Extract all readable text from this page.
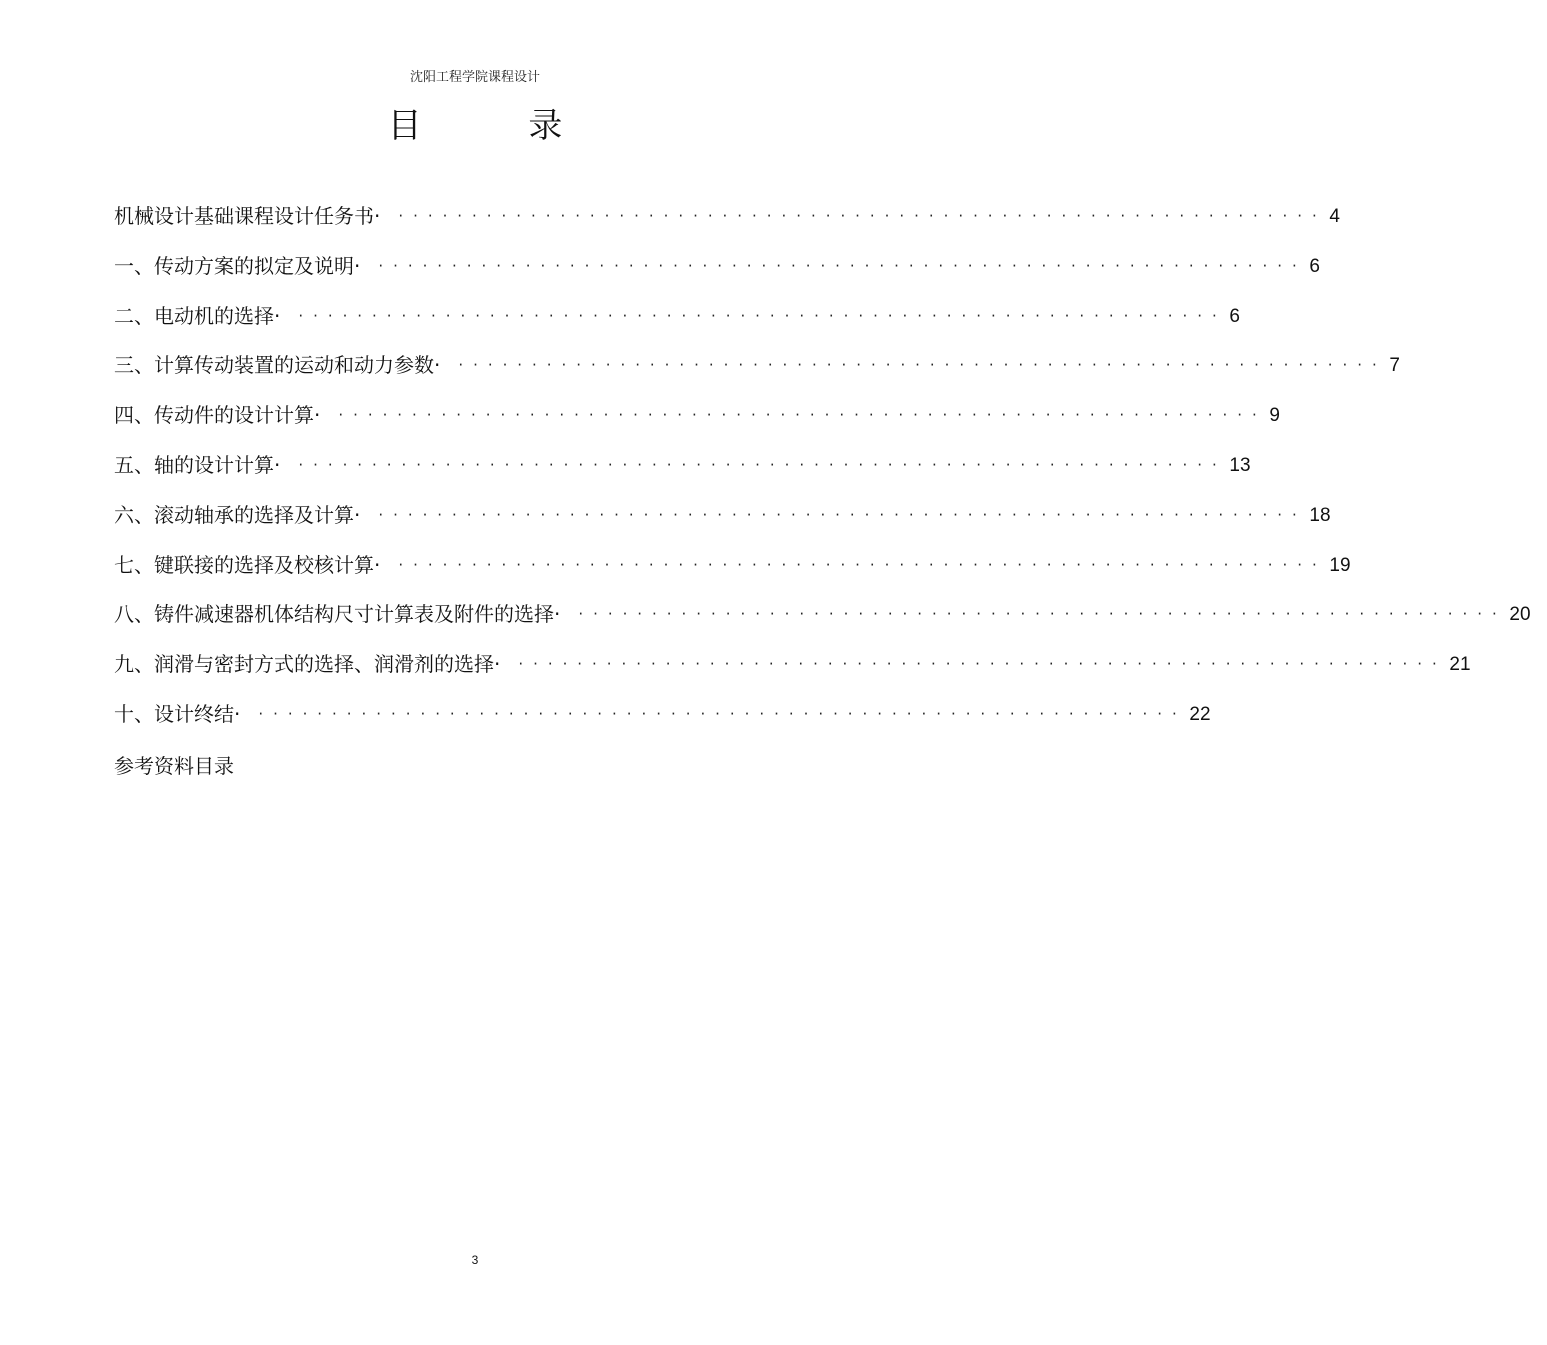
沈阳工程学院课程设计
目 录
机械设计基础课程设计任务书·	· · · · · · · · · · · · · · · · · · · · · · · · · · · · · · · · · · · · · · · · · · · · · · · · · · · · · · · · · · · · · · · 4
一、传动方案的拟定及说明·	· · · · · · · · · · · · · · · · · · · · · · · · · · · · · · · · · · · · · · · · · · · · · · · · · · · · · · · · · · · · · · · 6
二、电动机的选择·	· · · · · · · · · · · · · · · · · · · · · · · · · · · · · · · · · · · · · · · · · · · · · · · · · · · · · · · · · · · · · · · 6
三、计算传动装置的运动和动力参数·	· · · · · · · · · · · · · · · · · · · · · · · · · · · · · · · · · · · · · · · · · · · · · · · · · · · · · · · · · · · · · · · 7
四、传动件的设计计算·	· · · · · · · · · · · · · · · · · · · · · · · · · · · · · · · · · · · · · · · · · · · · · · · · · · · · · · · · · · · · · · · 9
五、轴的设计计算·	· · · · · · · · · · · · · · · · · · · · · · · · · · · · · · · · · · · · · · · · · · · · · · · · · · · · · · · · · · · · · · · 13
六、滚动轴承的选择及计算·	· · · · · · · · · · · · · · · · · · · · · · · · · · · · · · · · · · · · · · · · · · · · · · · · · · · · · · · · · · · · · · · 18
七、键联接的选择及校核计算·	· · · · · · · · · · · · · · · · · · · · · · · · · · · · · · · · · · · · · · · · · · · · · · · · · · · · · · · · · · · · · · · 19
八、铸件减速器机体结构尺寸计算表及附件的选择·	· · · · · · · · · · · · · · · · · · · · · · · · · · · · · · · · · · · · · · · · · · · · · · · · · · · · · · · · · · · · · · · 20
九、润滑与密封方式的选择、润滑剂的选择·	· · · · · · · · · · · · · · · · · · · · · · · · · · · · · · · · · · · · · · · · · · · · · · · · · · · · · · · · · · · · · · · 21
十、设计终结·	· · · · · · · · · · · · · · · · · · · · · · · · · · · · · · · · · · · · · · · · · · · · · · · · · · · · · · · · · · · · · · · 22
参考资料目录
3
